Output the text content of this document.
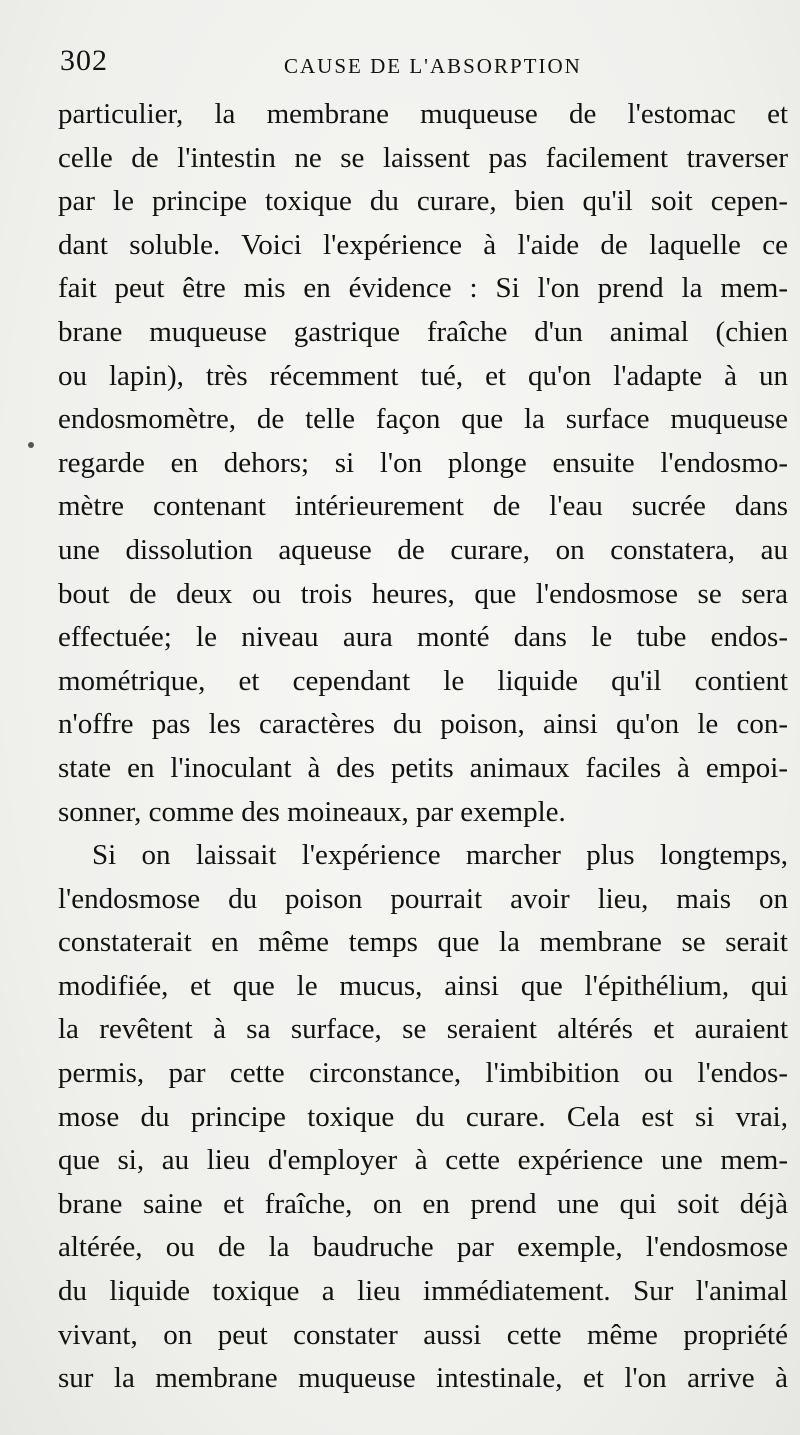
302	CAUSE DE L'ABSORPTION
particulier, la membrane muqueuse de l'estomac et
celle de l'intestin ne se laissent pas facilement traverser
par le principe toxique du curare, bien qu'il soit cepen-
dant soluble. Voici l'expérience à l'aide de laquelle ce
fait peut être mis en évidence : Si l'on prend la mem-
brane muqueuse gastrique fraîche d'un animal (chien
ou lapin), très récemment tué, et qu'on l'adapte à un
endosmomètre, de telle façon que la surface muqueuse
regarde en dehors; si l'on plonge ensuite l'endosmo-
mètre contenant intérieurement de l'eau sucrée dans
une dissolution aqueuse de curare, on constatera, au
bout de deux ou trois heures, que l'endosmose se sera
effectuée; le niveau aura monté dans le tube endos-
mométrique, et cependant le liquide qu'il contient
n'offre pas les caractères du poison, ainsi qu'on le con-
state en l'inoculant à des petits animaux faciles à empoi-
sonner, comme des moineaux, par exemple.
Si on laissait l'expérience marcher plus longtemps,
l'endosmose du poison pourrait avoir lieu, mais on
constaterait en même temps que la membrane se serait
modifiée, et que le mucus, ainsi que l'épithélium, qui
la revêtent à sa surface, se seraient altérés et auraient
permis, par cette circonstance, l'imbibition ou l'endos-
mose du principe toxique du curare. Cela est si vrai,
que si, au lieu d'employer à cette expérience une mem-
brane saine et fraîche, on en prend une qui soit déjà
altérée, ou de la baudruche par exemple, l'endosmose
du liquide toxique a lieu immédiatement. Sur l'animal
vivant, on peut constater aussi cette même propriété
sur la membrane muqueuse intestinale, et l'on arrive à
